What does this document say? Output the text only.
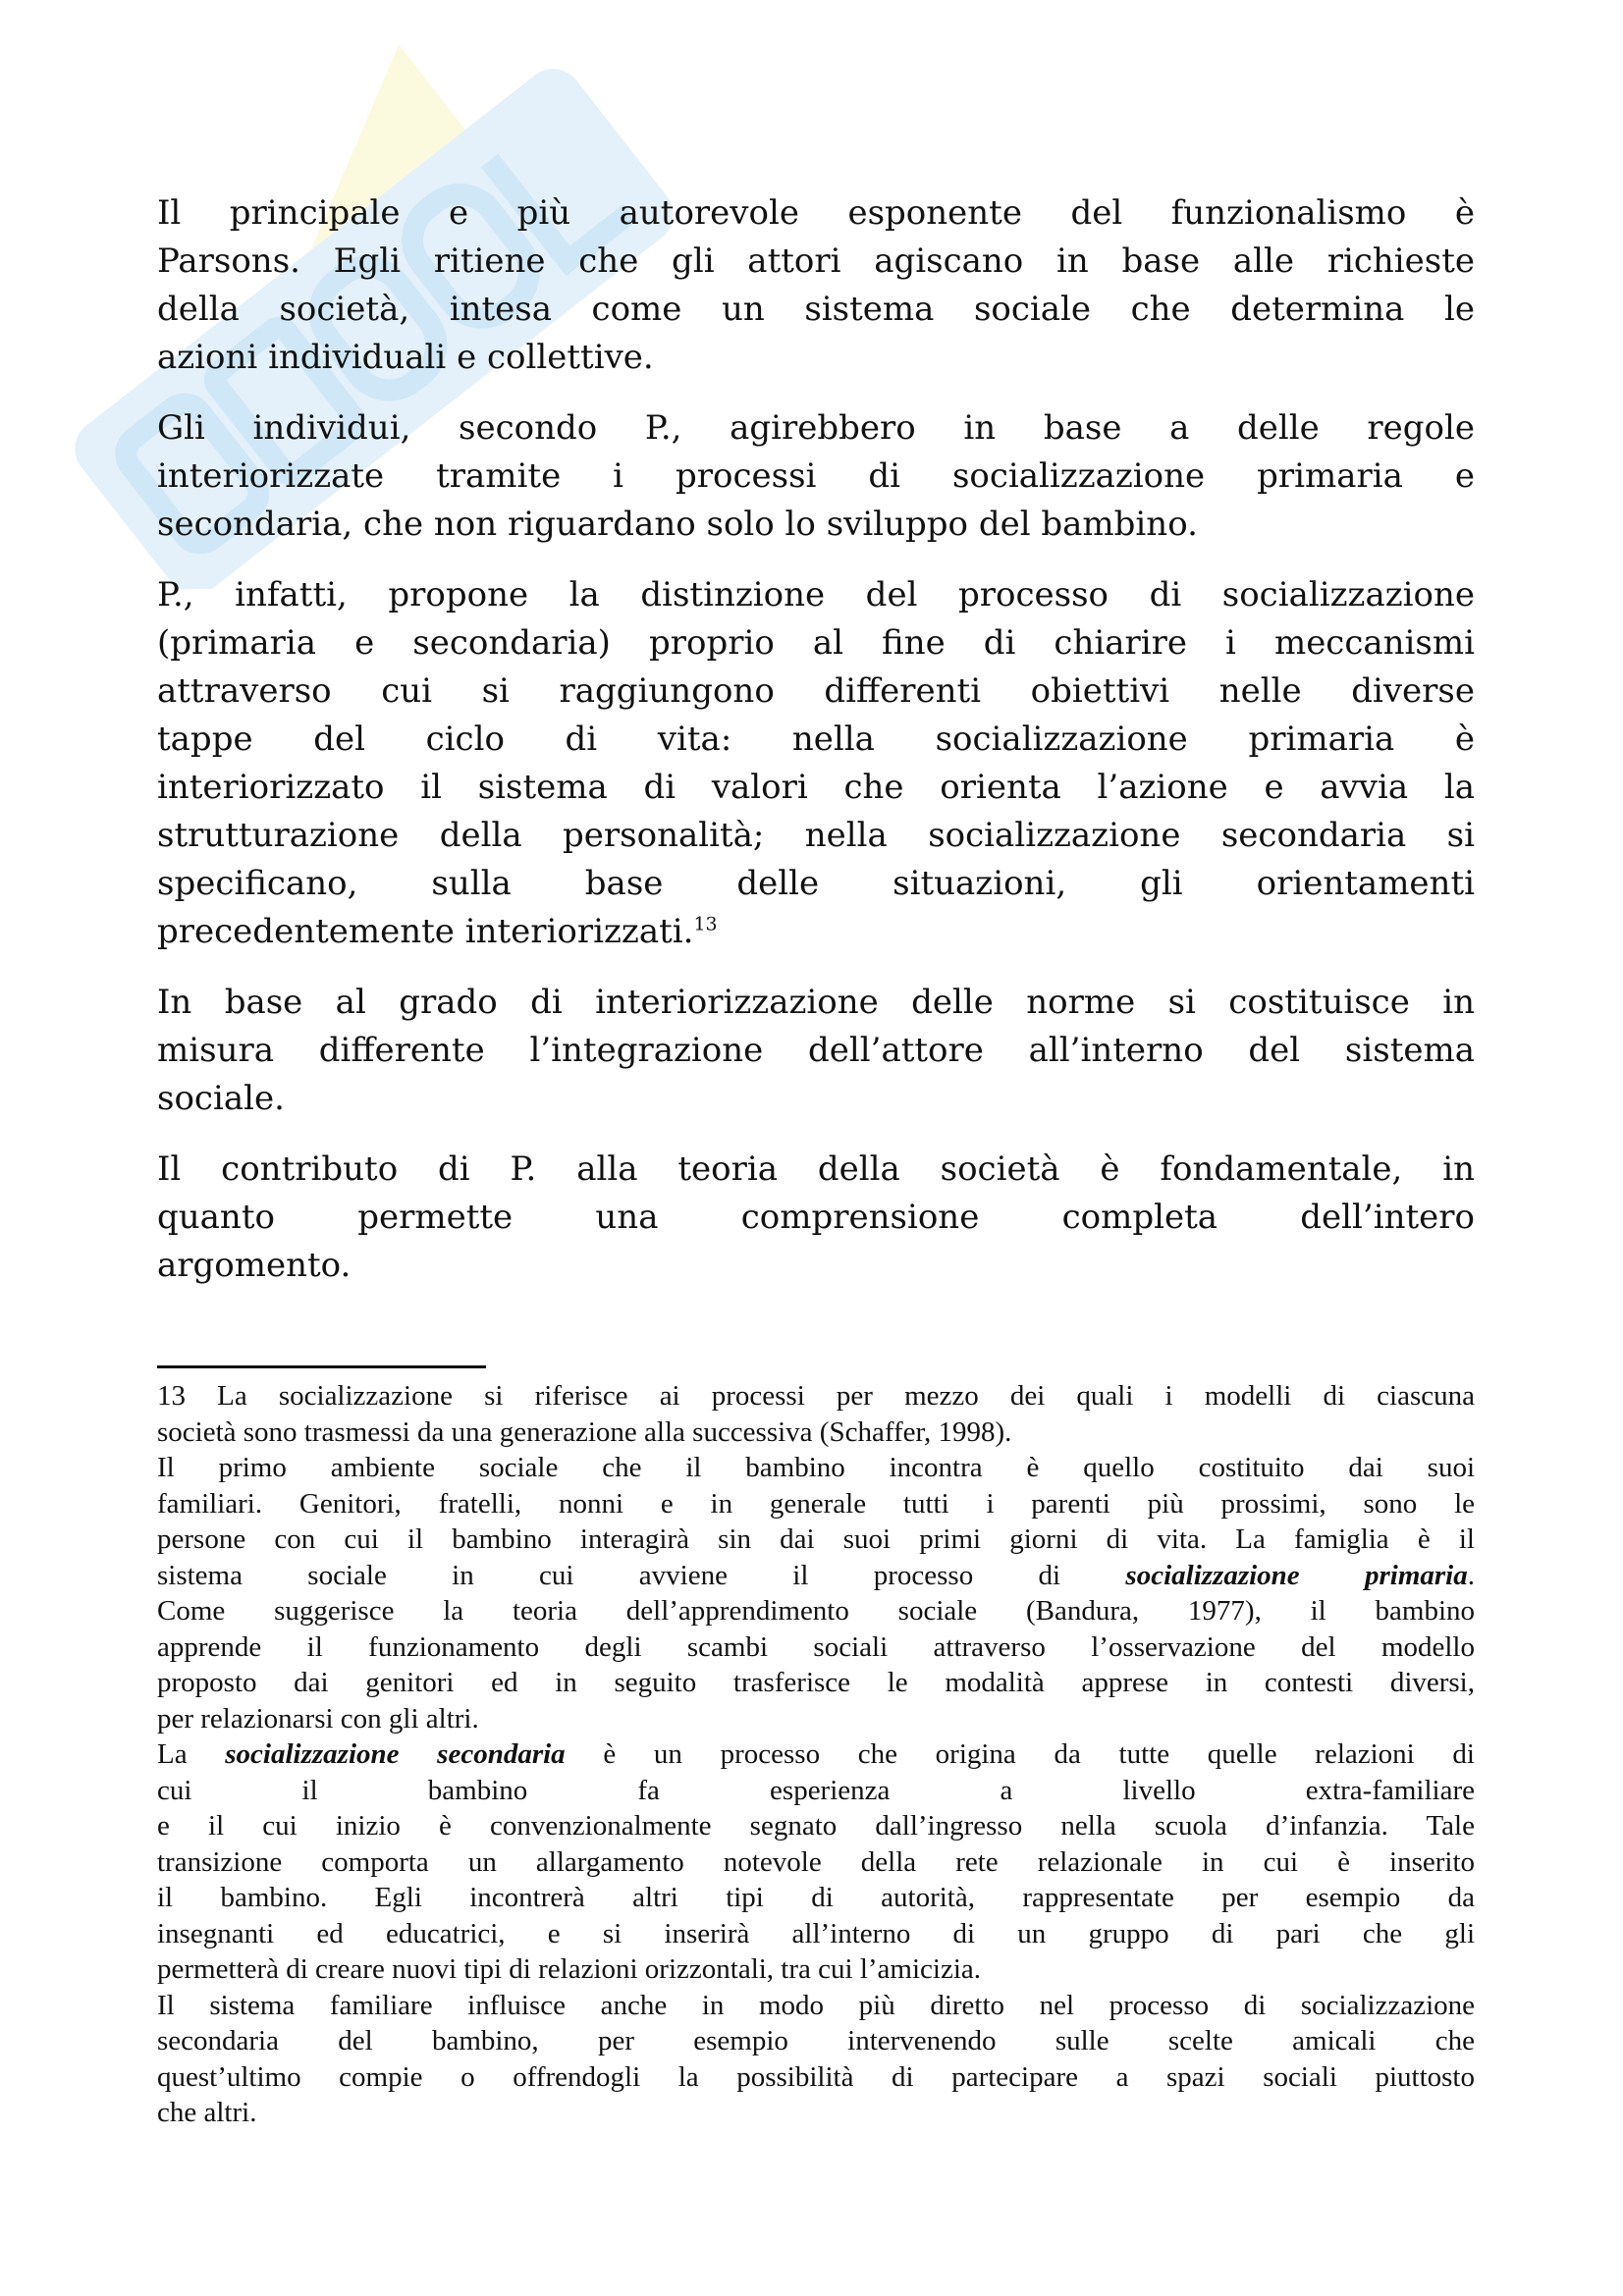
Il principale e più autorevole esponente del funzionalismo è
Parsons. Egli ritiene che gli attori agiscano in base alle richieste
della società, intesa come un sistema sociale che determina le
azioni individuali e collettive.
Gli individui, secondo P., agirebbero in base a delle regole
interiorizzate tramite i processi di socializzazione primaria e
secondaria, che non riguardano solo lo sviluppo del bambino.
P., infatti, propone la distinzione del processo di socializzazione
(primaria e secondaria) proprio al fine di chiarire i meccanismi
attraverso cui si raggiungono differenti obiettivi nelle diverse
tappe del ciclo di vita: nella socializzazione primaria è
interiorizzato il sistema di valori che orienta l’azione e avvia la
strutturazione della personalità; nella socializzazione secondaria si
specificano, sulla base delle situazioni, gli orientamenti
precedentemente interiorizzati.$^{13}$
In base al grado di interiorizzazione delle norme si costituisce in
misura differente l’integrazione dell’attore all’interno del sistema
sociale.
Il contributo di P. alla teoria della società è fondamentale, in
quanto permette una comprensione completa dell’intero
argomento.
13 La socializzazione si riferisce ai processi per mezzo dei quali i modelli di ciascuna
società sono trasmessi da una generazione alla successiva (Schaffer, 1998).
Il primo ambiente sociale che il bambino incontra è quello costituito dai suoi
familiari. Genitori, fratelli, nonni e in generale tutti i parenti più prossimi, sono le
persone con cui il bambino interagirà sin dai suoi primi giorni di vita. La famiglia è il
sistema sociale in cui avviene il processo di socializzazione primaria.
Come suggerisce la teoria dell’apprendimento sociale (Bandura, 1977), il bambino
apprende il funzionamento degli scambi sociali attraverso l’osservazione del modello
proposto dai genitori ed in seguito trasferisce le modalità apprese in contesti diversi,
per relazionarsi con gli altri.
La socializzazione secondaria è un processo che origina da tutte quelle relazioni di
cui il bambino fa esperienza a livello extra-familiare
e il cui inizio è convenzionalmente segnato dall’ingresso nella scuola d’infanzia. Tale
transizione comporta un allargamento notevole della rete relazionale in cui è inserito
il bambino. Egli incontrerà altri tipi di autorità, rappresentate per esempio da
insegnanti ed educatrici, e si inserirà all’interno di un gruppo di pari che gli
permetterà di creare nuovi tipi di relazioni orizzontali, tra cui l’amicizia.
Il sistema familiare influisce anche in modo più diretto nel processo di socializzazione
secondaria del bambino, per esempio intervenendo sulle scelte amicali che
quest’ultimo compie o offrendogli la possibilità di partecipare a spazi sociali piuttosto
che altri.
